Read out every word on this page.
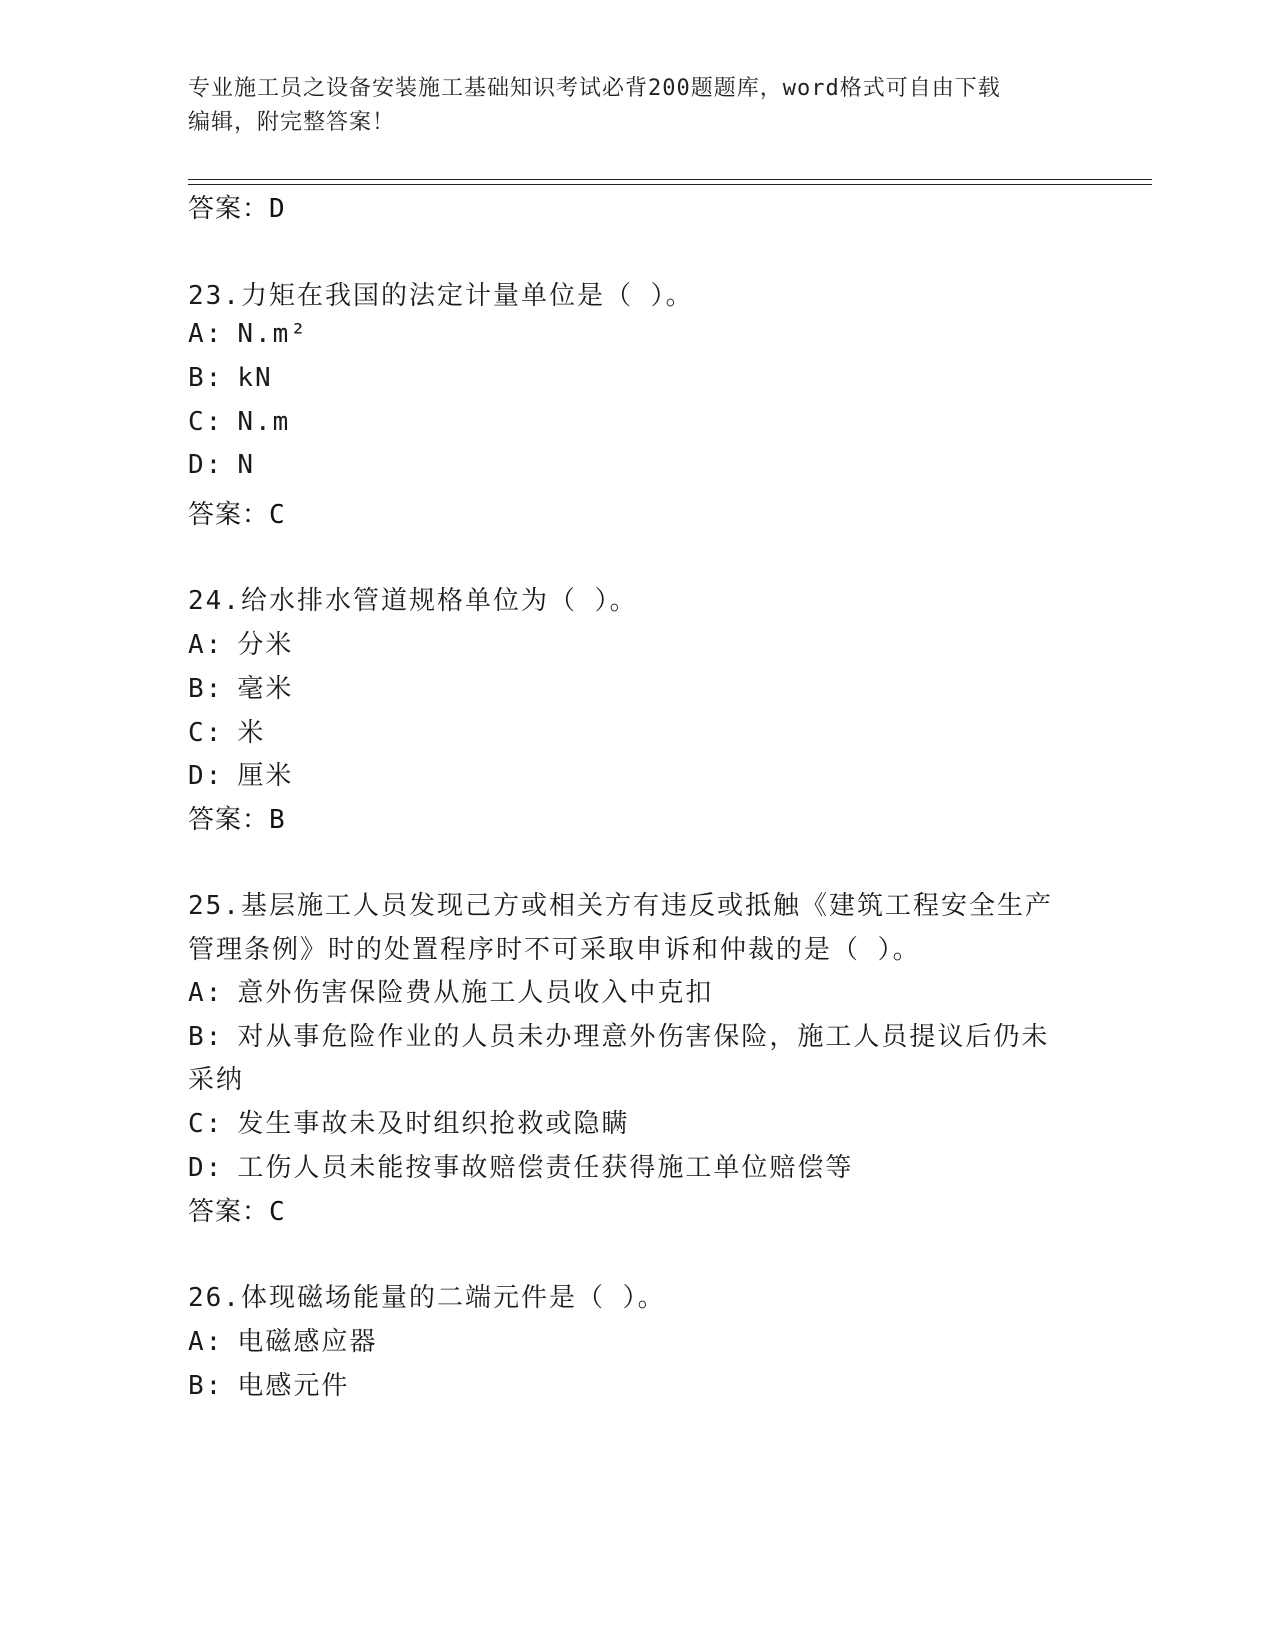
专业施工员之设备安装施工基础知识考试必背200题题库，word格式可自由下载
编辑，附完整答案！
答案：D
23.力矩在我国的法定计量单位是（ ）。
A: N.m²
B: kN
C: N.m
D: N
答案：C
24.给水排水管道规格单位为（ ）。
A: 分米
B: 毫米
C: 米
D: 厘米
答案：B
25.基层施工人员发现己方或相关方有违反或抵触《建筑工程安全生产
管理条例》时的处置程序时不可采取申诉和仲裁的是（ ）。
A: 意外伤害保险费从施工人员收入中克扣
B: 对从事危险作业的人员未办理意外伤害保险，施工人员提议后仍未
采纳
C: 发生事故未及时组织抢救或隐瞒
D: 工伤人员未能按事故赔偿责任获得施工单位赔偿等
答案：C
26.体现磁场能量的二端元件是（ ）。
A: 电磁感应器
B: 电感元件
